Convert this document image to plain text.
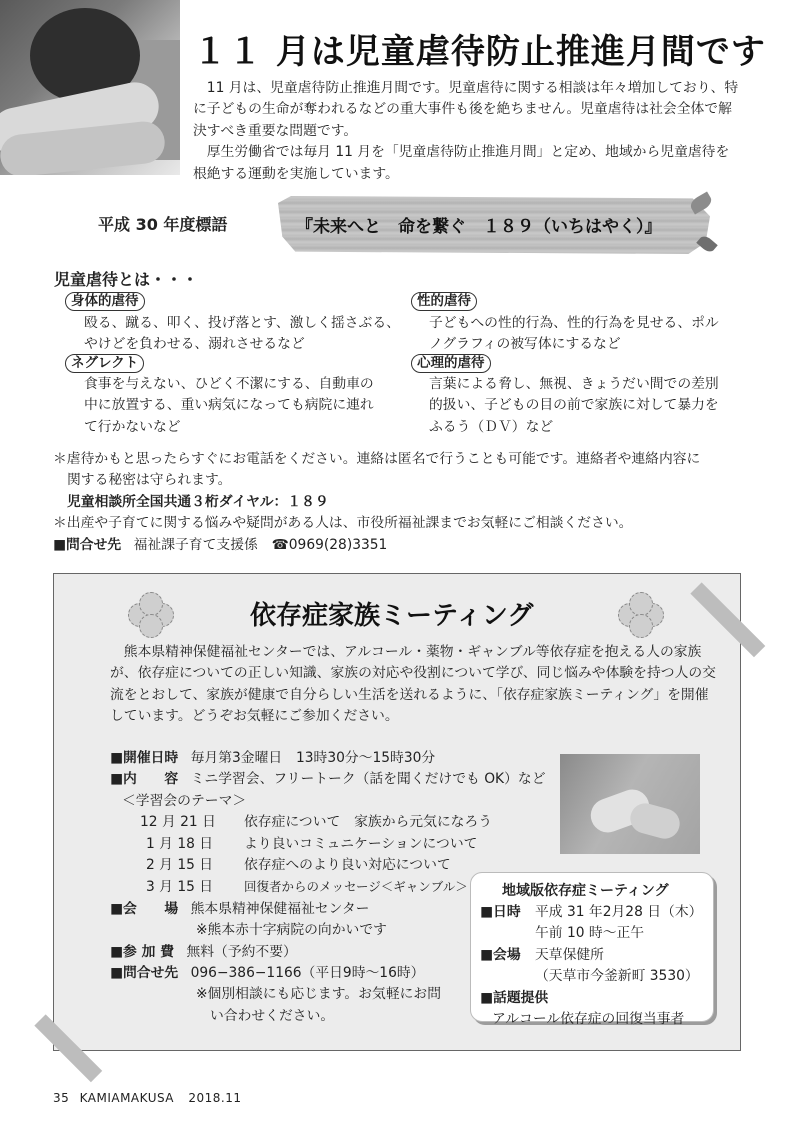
１１ 月は児童虐待防止推進月間です

11 月は、児童虐待防止推進月間です。児童虐待に関する相談は年々増加しており、特に子どもの生命が奪われるなどの重大事件も後を絶ちません。児童虐待は社会全体で解決すべき重要な問題です。

厚生労働省では毎月 11 月を「児童虐待防止推進月間」と定め、地域から児童虐待を根絶する運動を実施しています。

平成 30 年度標語	『未来へと　命を繋ぐ　１８９（いちはやく）』
児童虐待とは・・・
身体的虐待
殴る、蹴る、叩く、投げ落とす、激しく揺さぶる、
やけどを負わせる、溺れさせるなど
性的虐待
子どもへの性的行為、性的行為を見せる、ポル
ノグラフィの被写体にするなど
ネグレクト
食事を与えない、ひどく不潔にする、自動車の
中に放置する、重い病気になっても病院に連れ
て行かないなど
心理的虐待
言葉による脅し、無視、きょうだい間での差別
的扱い、子どもの目の前で家族に対して暴力を
ふるう（ＤＶ）など
＊虐待かもと思ったらすぐにお電話をください。連絡は匿名で行うことも可能です。連絡者や連絡内容に
関する秘密は守られます。
児童相談所全国共通３桁ダイヤル：１８９
＊出産や子育てに関する悩みや疑問がある人は、市役所福祉課までお気軽にご相談ください。
■問合せ先 福祉課子育て支援係　☎0969(28)3351
依存症家族ミーティング

熊本県精神保健福祉センターでは、アルコール・薬物・ギャンブル等依存症を抱える人の家族が、依存症についての正しい知識、家族の対応や役割について学び、同じ悩みや体験を持つ人の交流をとおして、家族が健康で自分らしい生活を送れるように、「依存症家族ミーティング」を開催しています。どうぞお気軽にご参加ください。

■開催日時 毎月第3金曜日　13時30分～15時30分
■内　　容 ミニ学習会、フリートーク（話を聞くだけでも OK）など
＜学習会のテーマ＞
12 月 21 日 依存症について　家族から元気になろう
1 月 18 日 より良いコミュニケーションについて
2 月 15 日 依存症へのより良い対応について
3 月 15 日 回復者からのメッセージ＜ギャンブル＞
■会　　場 熊本県精神保健福祉センター
※熊本赤十字病院の向かいです
■参 加 費 無料（予約不要）
■問合せ先 096−386−1166（平日9時〜16時）
※個別相談にも応じます。お気軽にお問
い合わせください。
地域版依存症ミーティング
■日時 平成 31 年2月28 日（木）
午前 10 時～正午
■会場 天草保健所
（天草市今釜新町 3530）
■話題提供
アルコール依存症の回復当事者
35 KAMIAMAKUSA 2018.11
